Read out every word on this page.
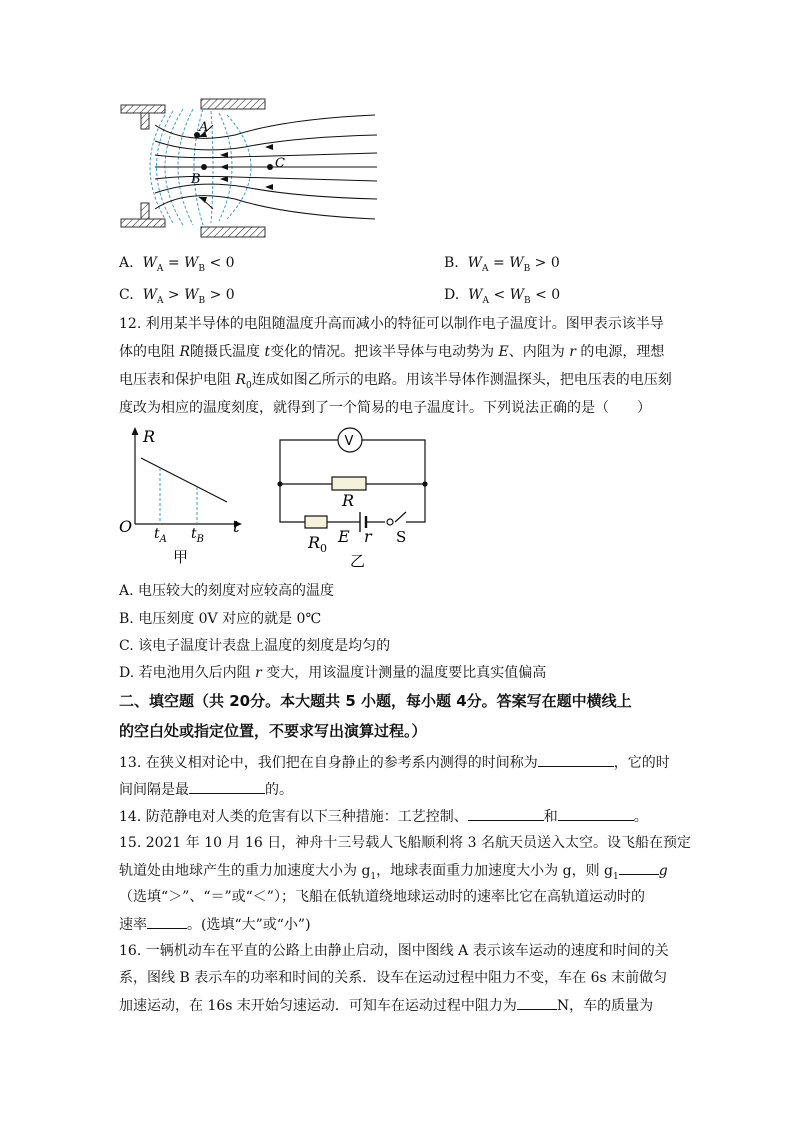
A
B
C
A. $W_A = W_B < 0$	B. $W_A = W_B > 0$
C. $W_A > W_B > 0$	D. $W_A < W_B < 0$
12. 利用某半导体的电阻随温度升高而减小的特征可以制作电子温度计。图甲表示该半导
体的电阻 R随摄氏温度 t变化的情况。把该半导体与电动势为 E、内阻为 r 的电源，理想
电压表和保护电阻 $R_0$连成如图乙所示的电路。用该半导体作测温探头，把电压表的电压刻
度改为相应的温度刻度，就得到了一个简易的电子温度计。下列说法正确的是（　　）
R
O	t
$t_A$ $t_B$
甲
V
R
$R_0$
E r S
乙
A. 电压较大的刻度对应较高的温度
B. 电压刻度 0V 对应的就是 0℃
C. 该电子温度计表盘上温度的刻度是均匀的
D. 若电池用久后内阻 r 变大，用该温度计测量的温度要比真实值偏高
二、填空题（共 20分。本大题共 5 小题，每小题 4分。答案写在题中横线上
的空白处或指定位置，不要求写出演算过程。）
13. 在狭义相对论中，我们把在自身静止的参考系内测得的时间称为	，它的时
间间隔是最	的。
14. 防范静电对人类的危害有以下三种措施：工艺控制、	和	。
15. 2021 年 10 月 16 日，神舟十三号载人飞船顺利将 3 名航天员送入太空。设飞船在预定
轨道处由地球产生的重力加速度大小为 $g_1$，地球表面重力加速度大小为 g，则 $g_1$	g
（选填“＞”、“＝”或“＜”）；飞船在低轨道绕地球运动时的速率比它在高轨道运动时的
速率	。(选填“大”或“小”)
16. 一辆机动车在平直的公路上由静止启动，图中图线 A 表示该车运动的速度和时间的关
系，图线 B 表示车的功率和时间的关系．设车在运动过程中阻力不变，车在 6s 末前做匀
加速运动，在 16s 末开始匀速运动．可知车在运动过程中阻力为	N，车的质量为
